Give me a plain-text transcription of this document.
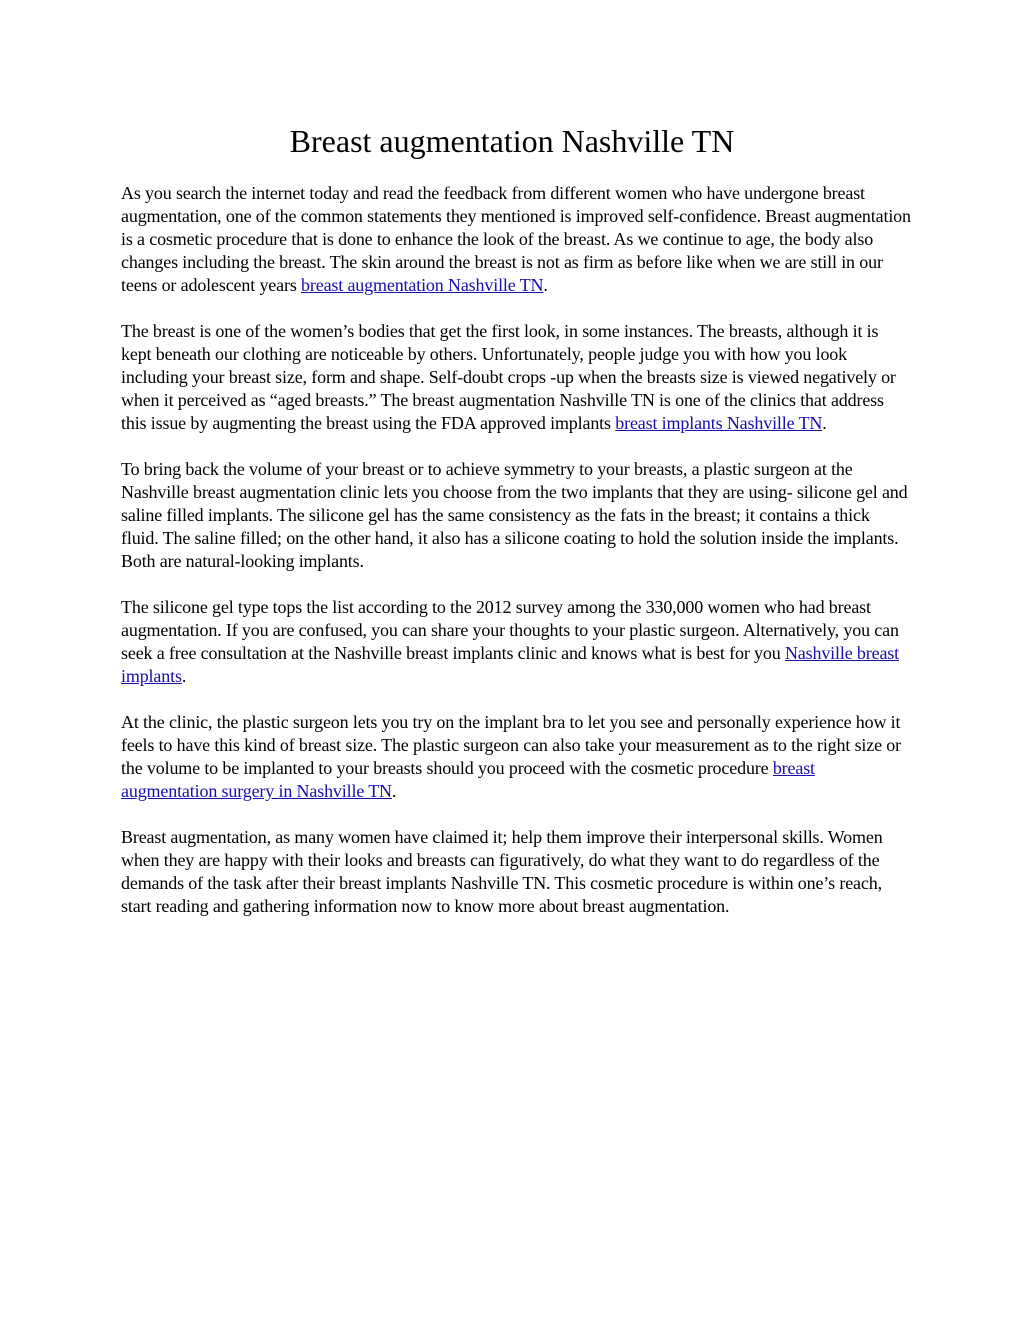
Breast augmentation Nashville TN

As you search the internet today and read the feedback from different women who have undergone breast augmentation, one of the common statements they mentioned is improved self-confidence. Breast augmentation is a cosmetic procedure that is done to enhance the look of the breast. As we continue to age, the body also changes including the breast. The skin around the breast is not as firm as before like when we are still in our teens or adolescent years breast augmentation Nashville TN.

The breast is one of the women’s bodies that get the first look, in some instances. The breasts, although it is kept beneath our clothing are noticeable by others. Unfortunately, people judge you with how you look including your breast size, form and shape. Self-doubt crops -up when the breasts size is viewed negatively or when it perceived as “aged breasts.” The breast augmentation Nashville TN is one of the clinics that address this issue by augmenting the breast using the FDA approved implants breast implants Nashville TN.

To bring back the volume of your breast or to achieve symmetry to your breasts, a plastic surgeon at the Nashville breast augmentation clinic lets you choose from the two implants that they are using- silicone gel and saline filled implants. The silicone gel has the same consistency as the fats in the breast; it contains a thick fluid. The saline filled; on the other hand, it also has a silicone coating to hold the solution inside the implants. Both are natural-looking implants.

The silicone gel type tops the list according to the 2012 survey among the 330,000 women who had breast augmentation. If you are confused, you can share your thoughts to your plastic surgeon. Alternatively, you can seek a free consultation at the Nashville breast implants clinic and knows what is best for you Nashville breast implants.

At the clinic, the plastic surgeon lets you try on the implant bra to let you see and personally experience how it feels to have this kind of breast size. The plastic surgeon can also take your measurement as to the right size or the volume to be implanted to your breasts should you proceed with the cosmetic procedure breast augmentation surgery in Nashville TN.

Breast augmentation, as many women have claimed it; help them improve their interpersonal skills. Women when they are happy with their looks and breasts can figuratively, do what they want to do regardless of the demands of the task after their breast implants Nashville TN. This cosmetic procedure is within one’s reach, start reading and gathering information now to know more about breast augmentation.
